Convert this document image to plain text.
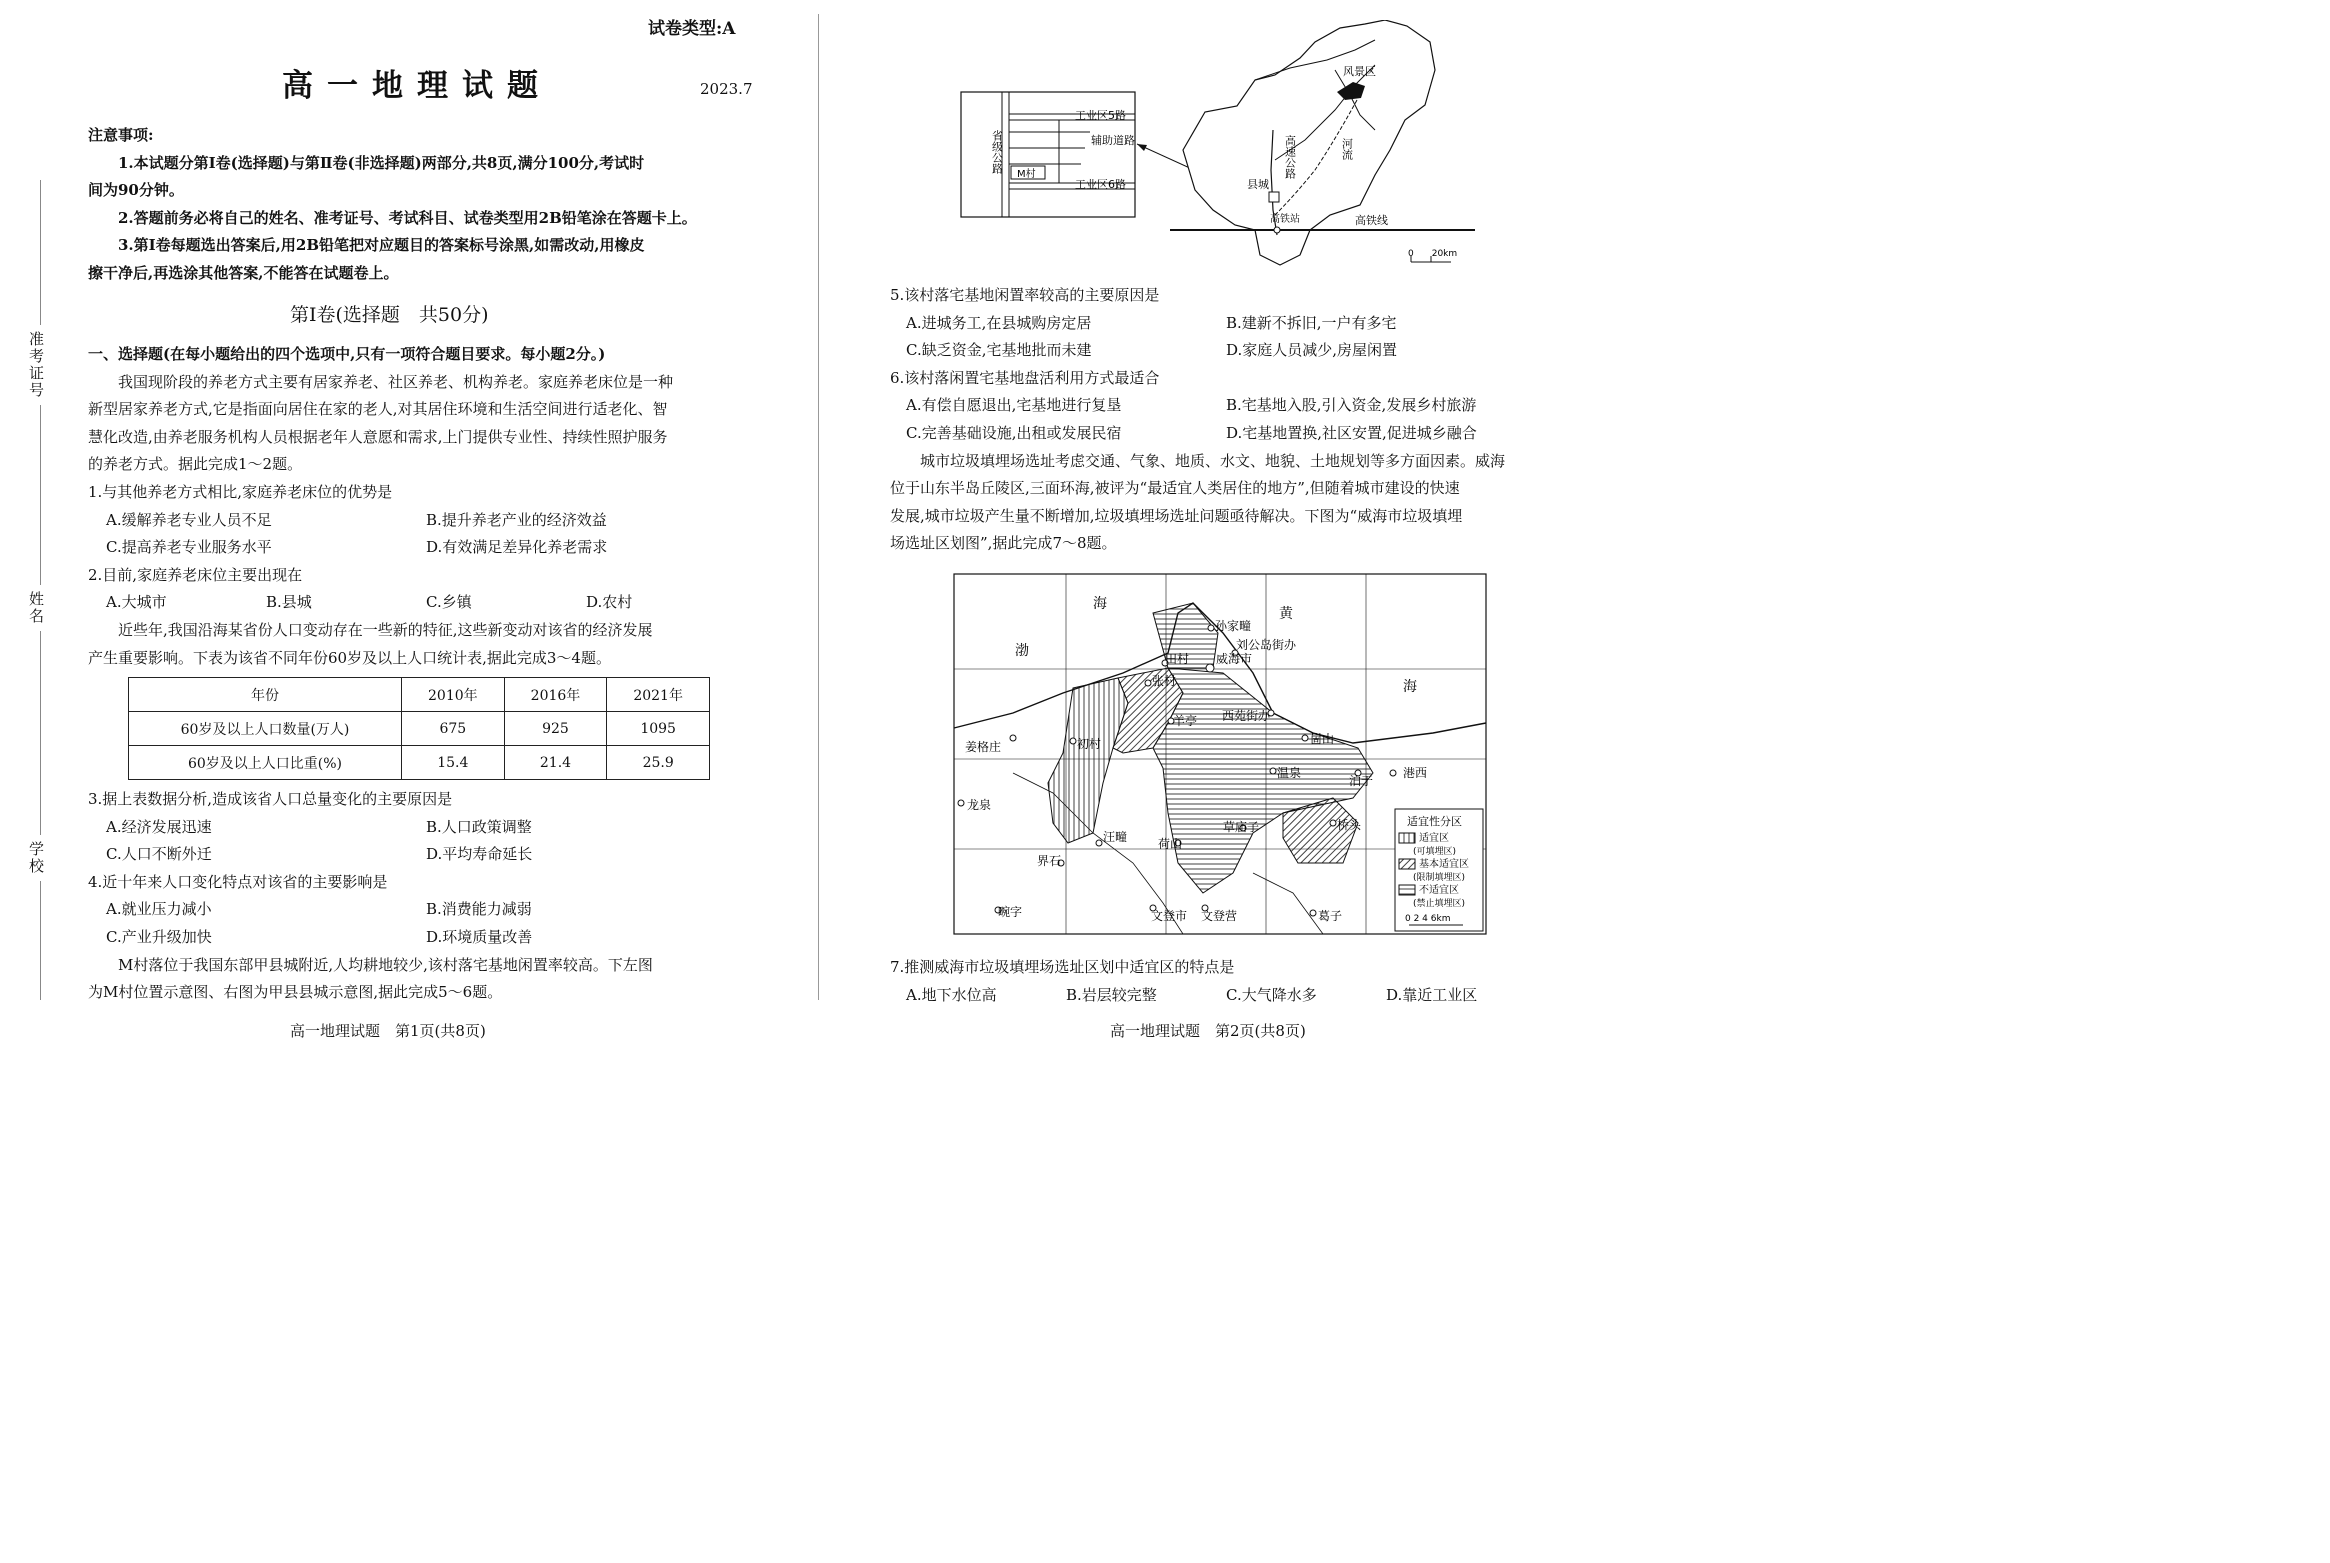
试卷类型:A
高一地理试题	2023.7
注意事项:
1.本试题分第Ⅰ卷(选择题)与第Ⅱ卷(非选择题)两部分,共8页,满分100分,考试时
间为90分钟。
2.答题前务必将自己的姓名、准考证号、考试科目、试卷类型用2B铅笔涂在答题卡上。
3.第Ⅰ卷每题选出答案后,用2B铅笔把对应题目的答案标号涂黑,如需改动,用橡皮
擦干净后,再选涂其他答案,不能答在试题卷上。
第Ⅰ卷(选择题　共50分)
一、选择题(在每小题给出的四个选项中,只有一项符合题目要求。每小题2分。)
我国现阶段的养老方式主要有居家养老、社区养老、机构养老。家庭养老床位是一种
新型居家养老方式,它是指面向居住在家的老人,对其居住环境和生活空间进行适老化、智
慧化改造,由养老服务机构人员根据老年人意愿和需求,上门提供专业性、持续性照护服务
的养老方式。据此完成1～2题。
1.与其他养老方式相比,家庭养老床位的优势是
A.缓解养老专业人员不足	B.提升养老产业的经济效益
C.提高养老专业服务水平	D.有效满足差异化养老需求
2.目前,家庭养老床位主要出现在
A.大城市	B.县城	C.乡镇	D.农村
近些年,我国沿海某省份人口变动存在一些新的特征,这些新变动对该省的经济发展
产生重要影响。下表为该省不同年份60岁及以上人口统计表,据此完成3～4题。
年份	2010年	2016年	2021年
60岁及以上人口数量(万人)	675	925	1095
60岁及以上人口比重(%)	15.4	21.4	25.9
3.据上表数据分析,造成该省人口总量变化的主要原因是
A.经济发展迅速	B.人口政策调整
C.人口不断外迁	D.平均寿命延长
4.近十年来人口变化特点对该省的主要影响是
A.就业压力减小	B.消费能力减弱
C.产业升级加快	D.环境质量改善
M村落位于我国东部甲县城附近,人均耕地较少,该村落宅基地闲置率较高。下左图
为M村位置示意图、右图为甲县县城示意图,据此完成5～6题。
准考证号
姓名
学校
高一地理试题　第1页(共8页)
M村
工业区5路
辅助道路
工业区6路
省级公路
风景区
河流
高速公路
县城
高铁站	高铁线
0　　20km
5.该村落宅基地闲置率较高的主要原因是
A.进城务工,在县城购房定居	B.建新不拆旧,一户有多宅
C.缺乏资金,宅基地批而未建	D.家庭人员减少,房屋闲置
6.该村落闲置宅基地盘活利用方式最适合
A.有偿自愿退出,宅基地进行复垦	B.宅基地入股,引入资金,发展乡村旅游
C.完善基础设施,出租或发展民宿	D.宅基地置换,社区安置,促进城乡融合
城市垃圾填埋场选址考虑交通、气象、地质、水文、地貌、土地规划等多方面因素。威海
位于山东半岛丘陵区,三面环海,被评为“最适宜人类居住的地方”,但随着城市建设的快速
发展,城市垃圾产生量不断增加,垃圾填埋场选址问题亟待解决。下图为“威海市垃圾填埋
场选址区划图”,据此完成7～8题。
海
黄
渤
海
孙家疃
刘公岛街办
田村 威海市
张村
羊亭 西苑街办
姜格庄	初村	崮山
温泉
泊于
港西
龙泉
汪疃
草庙子	桥头
荷山
界石
畹字	文登市 文登营	葛子
适宜性分区
适宜区
(可填埋区)
基本适宜区
(限制填埋区)
不适宜区
(禁止填埋区)
0 2 4 6km
7.推测威海市垃圾填埋场选址区划中适宜区的特点是
A.地下水位高	B.岩层较完整	C.大气降水多	D.靠近工业区
高一地理试题　第2页(共8页)
